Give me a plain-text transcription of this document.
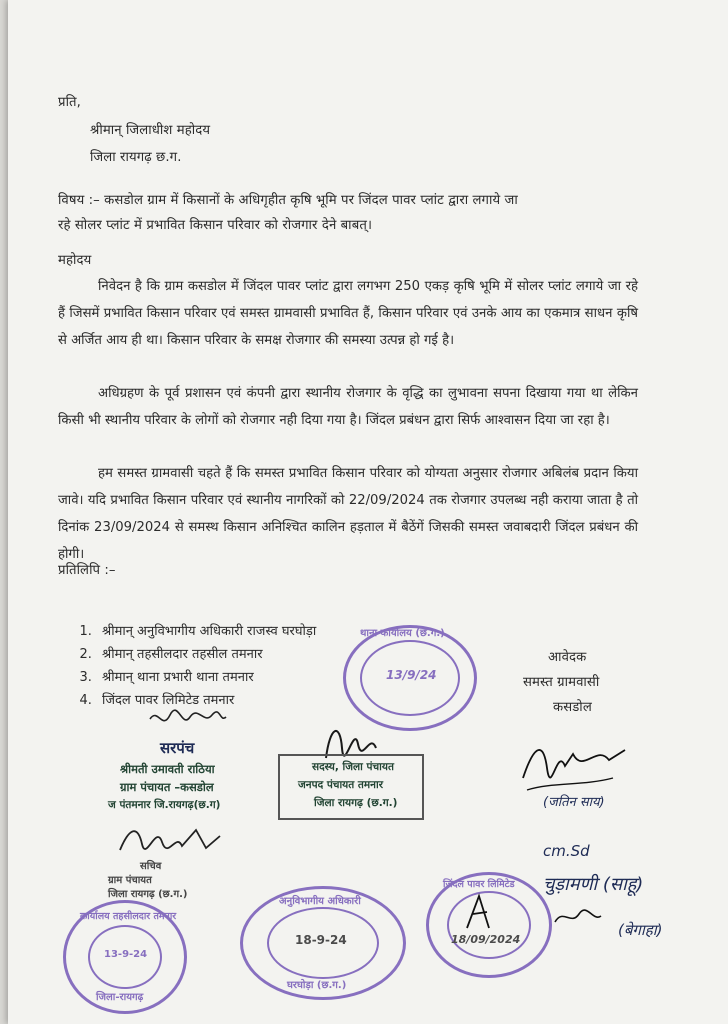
प्रति,
श्रीमान् जिलाधीश महोदय
जिला रायगढ़ छ.ग.
विषय :– कसडोल ग्राम में किसानों के अधिगृहीत कृषि भूमि पर जिंदल पावर प्लांट द्वारा लगाये जा
रहे सोलर प्लांट में प्रभावित किसान परिवार को रोजगार देने बाबत्।
महोदय
निवेदन है कि ग्राम कसडोल में जिंदल पावर प्लांट द्वारा लगभग 250 एकड़ कृषि भूमि में सोलर प्लांट लगाये जा रहे हैं जिसमें प्रभावित किसान परिवार एवं समस्त ग्रामवासी प्रभावित हैं, किसान परिवार एवं उनके आय का एकमात्र साधन कृषि से अर्जित आय ही था। किसान परिवार के समक्ष रोजगार की समस्या उत्पन्न हो गई है।
अधिग्रहण के पूर्व प्रशासन एवं कंपनी द्वारा स्थानीय रोजगार के वृद्धि का लुभावना सपना दिखाया गया था लेकिन किसी भी स्थानीय परिवार के लोगों को रोजगार नही दिया गया है। जिंदल प्रबंधन द्वारा सिर्फ आश्वासन दिया जा रहा है।
हम समस्त ग्रामवासी चहते हैं कि समस्त प्रभावित किसान परिवार को योग्यता अनुसार रोजगार अबिलंब प्रदान किया जावे। यदि प्रभावित किसान परिवार एवं स्थानीय नागरिकों को 22/09/2024 तक रोजगार उपलब्ध नही कराया जाता है तो दिनांक 23/09/2024 से समस्थ किसान अनिश्चित कालिन हड़ताल में बैठेंगें जिसकी समस्त जवाबदारी जिंदल प्रबंधन की होगी।
प्रतिलिपि :–
1. श्रीमान् अनुविभागीय अधिकारी राजस्व घरघोड़ा
2. श्रीमान् तहसीलदार तहसील तमनार
3. श्रीमान् थाना प्रभारी थाना तमनार
4. जिंदल पावर लिमिटेड तमनार
आवेदक
समस्त ग्रामवासी
कसडोल
थाना कार्यालय (छ.ग.)
13/9/24
सरपंच
श्रीमती उमावती राठिया
ग्राम पंचायत –कसडोल
ज पंतमनार जि.रायगढ़(छ.ग)
सचिव
ग्राम पंचायत
जिला रायगढ़ (छ.ग.)
सदस्य, जिला पंचायत
जनपद पंचायत तमनार
जिला रायगढ़ (छ.ग.)	(जतिन साय)
cm.Sd
चुड़ामणी (साहू)
(बेगाहा)
कार्यालय तहसीलदार तमनार
जिला-रायगढ़
13-9-24
अनुविभागीय अधिकारी
घरघोड़ा (छ.ग.)
18-9-24
जिंदल पावर लिमिटेड
18/09/2024
